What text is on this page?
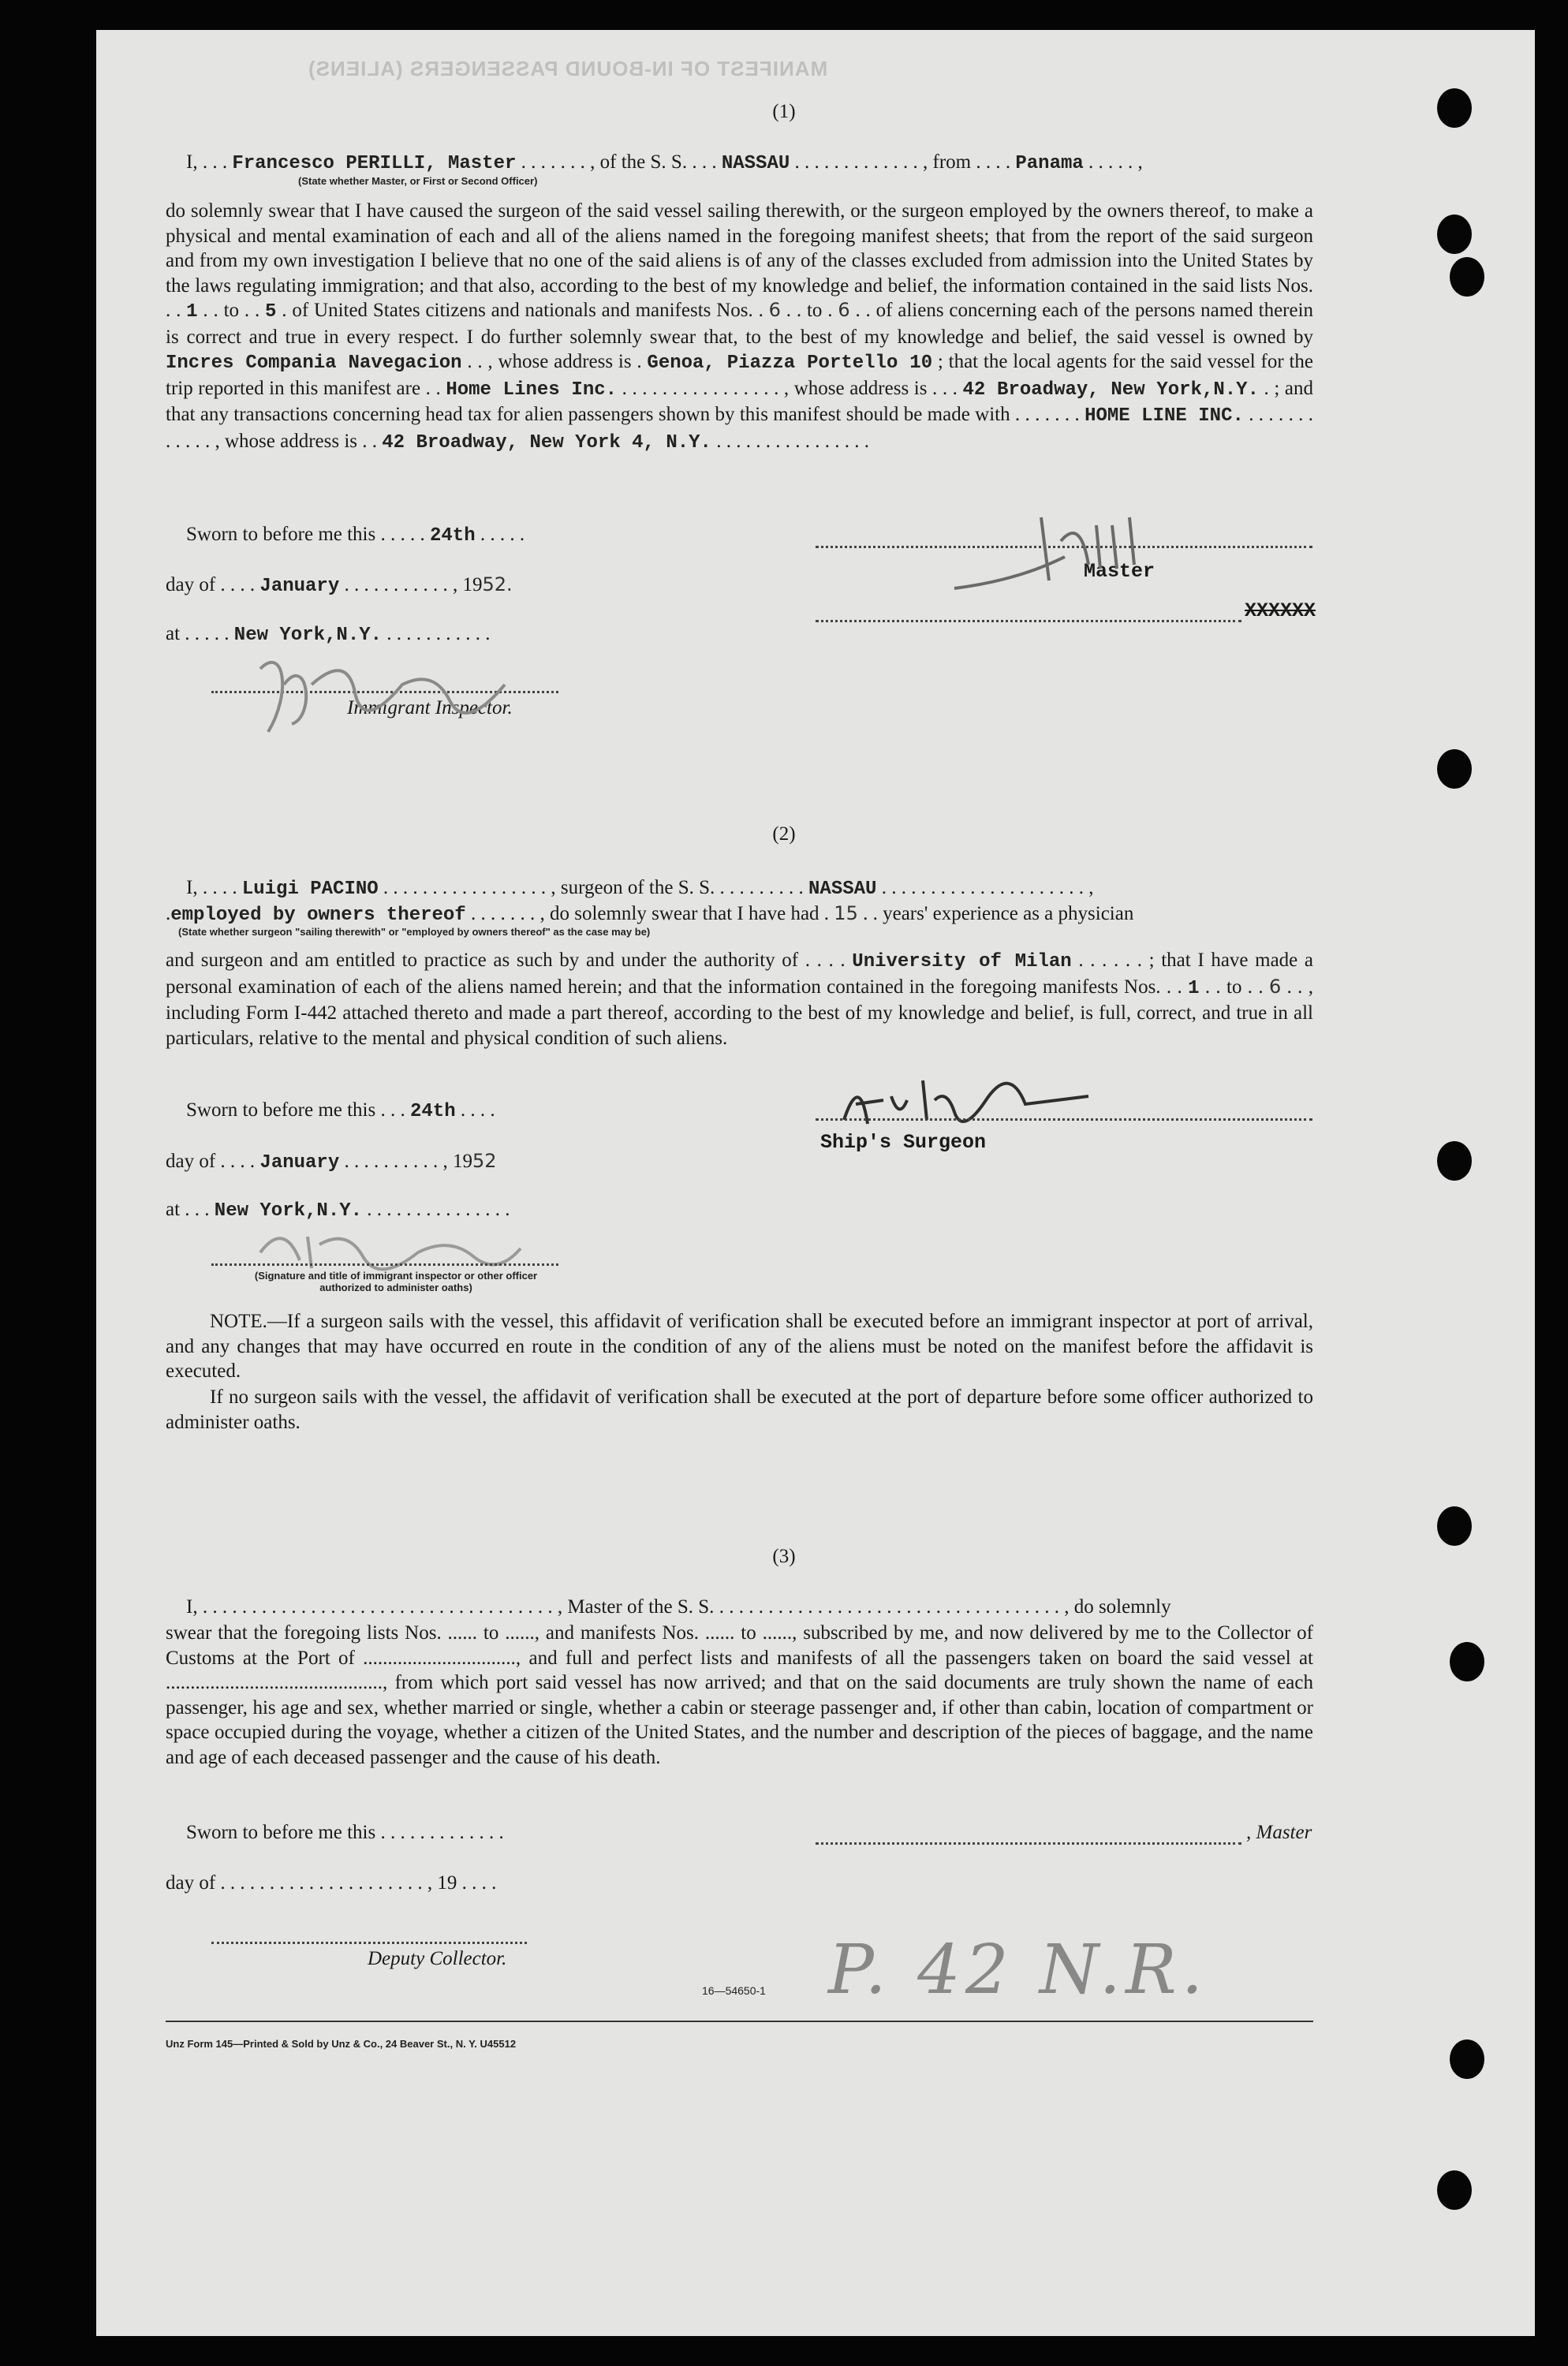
MANIFEST OF IN-BOUND PASSENGERS (ALIENS)
(1)
I, . . . Francesco PERILLI, Master . . . . . . . , of the S. S. . . . NASSAU . . . . . . . . . . . . . , from . . . . Panama . . . . . ,
(State whether Master, or First or Second Officer)

do solemnly swear that I have caused the surgeon of the said vessel sailing therewith, or the surgeon employed by the owners thereof, to make a physical and mental examination of each and all of the aliens named in the foregoing manifest sheets; that from the report of the said surgeon and from my own investigation I believe that no one of the said aliens is of any of the classes excluded from admission into the United States by the laws regulating immigration; and that also, according to the best of my knowledge and belief, the information contained in the said lists Nos. . . 1 . . to . . 5 . of United States citizens and nationals and manifests Nos. . 6 . . to . 6 . . of aliens concerning each of the persons named therein is correct and true in every respect. I do further solemnly swear that, to the best of my knowledge and belief, the said vessel is owned by Incres Compania Navegacion . . , whose address is . Genoa, Piazza Portello 10 ; that the local agents for the said vessel for the trip reported in this manifest are . . Home Lines Inc. . . . . . . . . . . . . . . . . , whose address is . . . 42 Broadway, New York,N.Y. . ; and that any transactions concerning head tax for alien passengers shown by this manifest should be made with . . . . . . . HOME LINE INC. . . . . . . . . . . . . , whose address is . . 42 Broadway, New York 4, N.Y. . . . . . . . . . . . . . . . .

Sworn to before me this . . . . . 24th . . . . .
day of . . . . January . . . . . . . . . . . , 1952.
at . . . . . New York,N.Y. . . . . . . . . . . .
Immigrant Inspector.
Master
XXXXXX
(2)
I, . . . . Luigi PACINO . . . . . . . . . . . . . . . . . , surgeon of the S. S. . . . . . . . . . NASSAU . . . . . . . . . . . . . . . . . . . . . ,
.employed by owners thereof . . . . . . . , do solemnly swear that I have had . 15 . . years' experience as a physician
(State whether surgeon "sailing therewith" or "employed by owners thereof" as the case may be)

and surgeon and am entitled to practice as such by and under the authority of . . . . University of Milan . . . . . . ; that I have made a personal examination of each of the aliens named herein; and that the information contained in the foregoing manifests Nos. . . 1 . . to . . 6 . . , including Form I-442 attached thereto and made a part thereof, according to the best of my knowledge and belief, is full, correct, and true in all particulars, relative to the mental and physical condition of such aliens.

Sworn to before me this . . . 24th . . . .
day of . . . . January . . . . . . . . . . , 1952
at . . . New York,N.Y. . . . . . . . . . . . . . . .
(Signature and title of immigrant inspector or other officer authorized to administer oaths)
Ship's Surgeon

NOTE.—If a surgeon sails with the vessel, this affidavit of verification shall be executed before an immigrant inspector at port of arrival, and any changes that may have occurred en route in the condition of any of the aliens must be noted on the manifest before the affidavit is executed.

If no surgeon sails with the vessel, the affidavit of verification shall be executed at the port of departure before some officer authorized to administer oaths.

(3)
I, . . . . . . . . . . . . . . . . . . . . . . . . . . . . . . . . . . . . , Master of the S. S. . . . . . . . . . . . . . . . . . . . . . . . . . . . . . . . . . . . , do solemnly

swear that the foregoing lists Nos. ...... to ......, and manifests Nos. ...... to ......, subscribed by me, and now delivered by me to the Collector of Customs at the Port of ..............................., and full and perfect lists and manifests of all the passengers taken on board the said vessel at ............................................, from which port said vessel has now arrived; and that on the said documents are truly shown the name of each passenger, his age and sex, whether married or single, whether a cabin or steerage passenger and, if other than cabin, location of compartment or space occupied during the voyage, whether a citizen of the United States, and the number and description of the pieces of baggage, and the name and age of each deceased passenger and the cause of his death.

Sworn to before me this . . . . . . . . . . . . .	, Master
day of . . . . . . . . . . . . . . . . . . . . . , 19 . . . .
Deputy Collector.
16—54650-1 P. 42 N.R.
Unz Form 145—Printed & Sold by Unz & Co., 24 Beaver St., N. Y. U45512
